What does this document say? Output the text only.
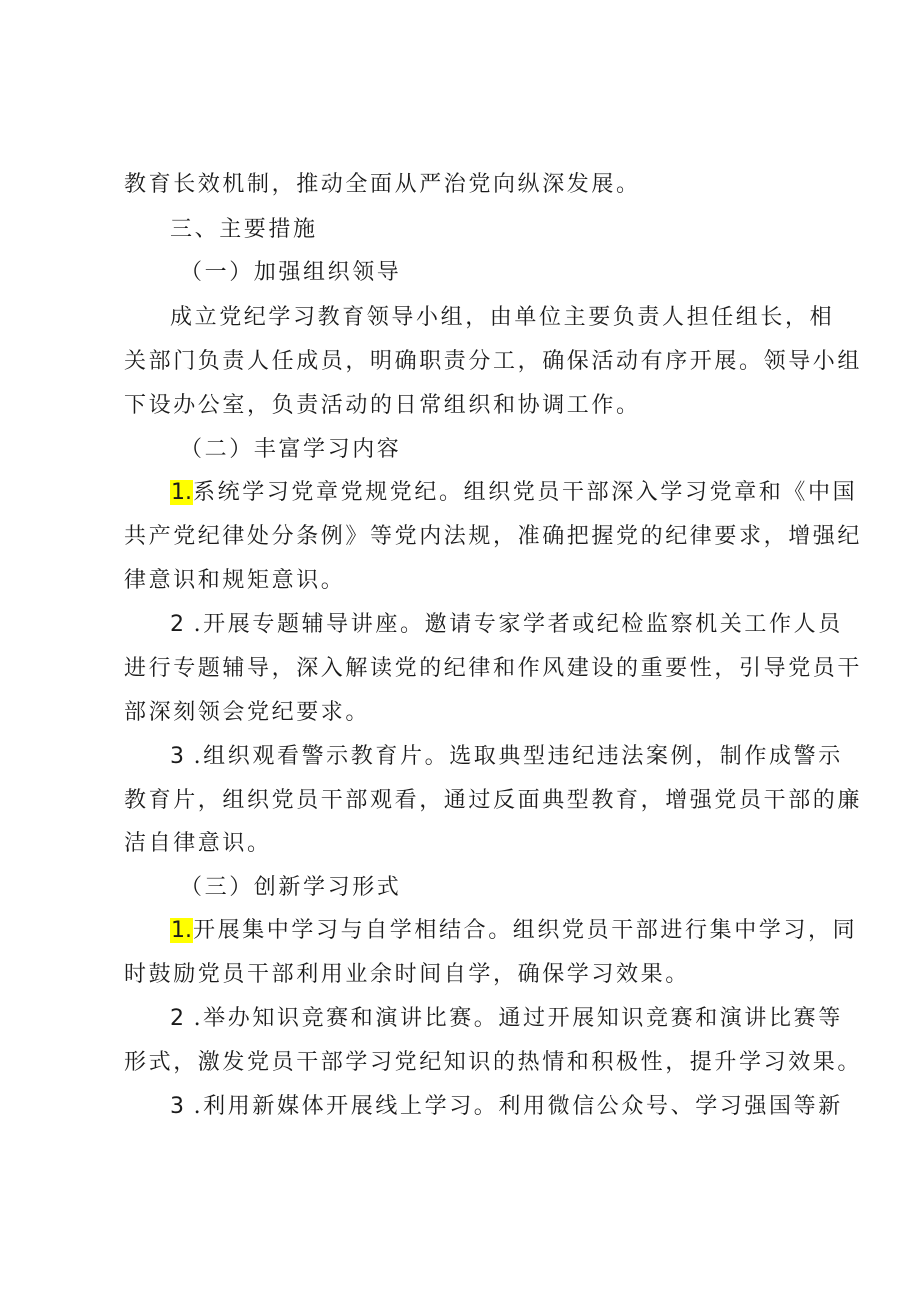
教育长效机制，推动全面从严治党向纵深发展。
三、主要措施
（一）加强组织领导
成立党纪学习教育领导小组，由单位主要负责人担任组长，相
关部门负责人任成员，明确职责分工，确保活动有序开展。领导小组
下设办公室，负责活动的日常组织和协调工作。
（二）丰富学习内容
1.系统学习党章党规党纪。组织党员干部深入学习党章和《中国
共产党纪律处分条例》等党内法规，准确把握党的纪律要求，增强纪
律意识和规矩意识。
2 .开展专题辅导讲座。邀请专家学者或纪检监察机关工作人员
进行专题辅导，深入解读党的纪律和作风建设的重要性，引导党员干
部深刻领会党纪要求。
3 .组织观看警示教育片。选取典型违纪违法案例，制作成警示
教育片，组织党员干部观看，通过反面典型教育，增强党员干部的廉
洁自律意识。
（三）创新学习形式
1.开展集中学习与自学相结合。组织党员干部进行集中学习，同
时鼓励党员干部利用业余时间自学，确保学习效果。
2 .举办知识竞赛和演讲比赛。通过开展知识竞赛和演讲比赛等
形式，激发党员干部学习党纪知识的热情和积极性，提升学习效果。
3 .利用新媒体开展线上学习。利用微信公众号、学习强国等新
